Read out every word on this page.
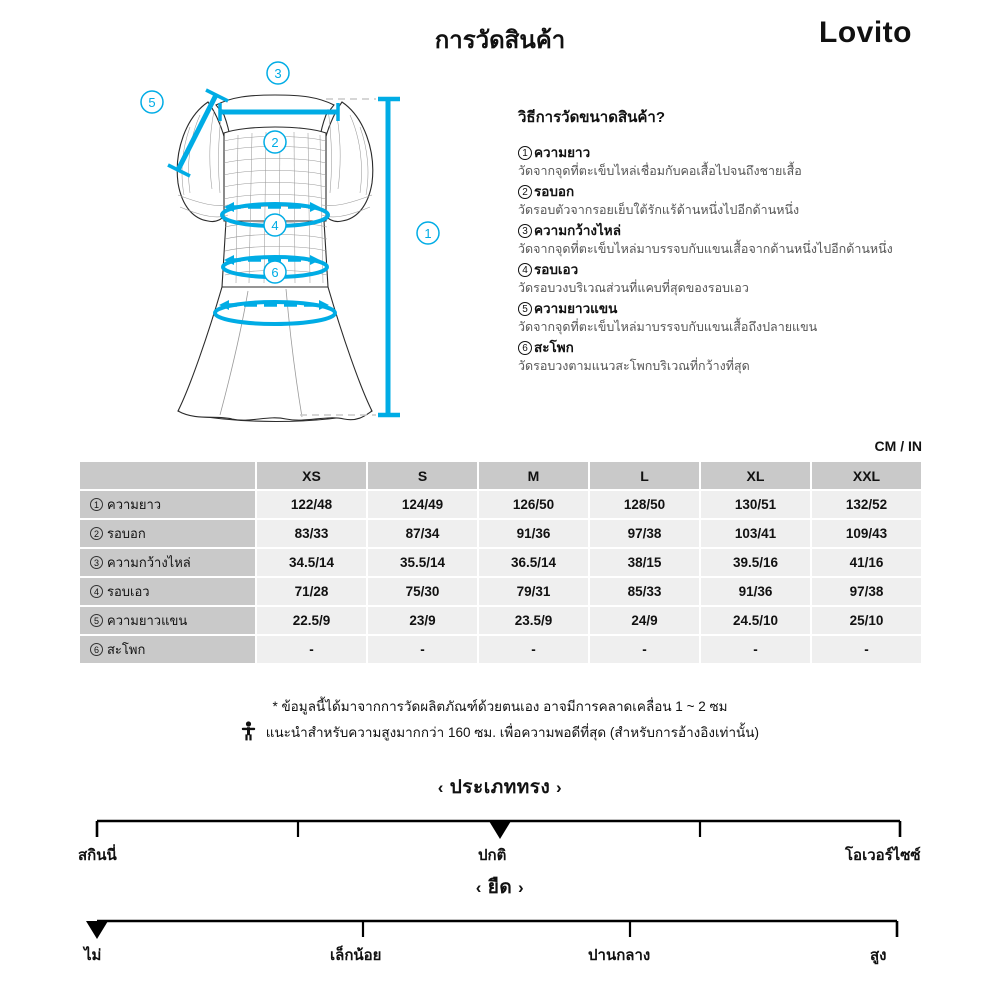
การวัดสินค้า	Lovito
3
5
2
4
6
1
วิธีการวัดขนาดสินค้า?
1 ความยาว
วัดจากจุดที่ตะเข็บไหล่เชื่อมกับคอเสื้อไปจนถึงชายเสื้อ
2 รอบอก
วัดรอบตัวจากรอยเย็บใต้รักแร้ด้านหนึ่งไปอีกด้านหนึ่ง
3 ความกว้างไหล่
วัดจากจุดที่ตะเข็บไหล่มาบรรจบกับแขนเสื้อจากด้านหนึ่งไปอีกด้านหนึ่ง
4 รอบเอว
วัดรอบวงบริเวณส่วนที่แคบที่สุดของรอบเอว
5 ความยาวแขน
วัดจากจุดที่ตะเข็บไหล่มาบรรจบกับแขนเสื้อถึงปลายแขน
6 สะโพก
วัดรอบวงตามแนวสะโพกบริเวณที่กว้างที่สุด
CM / IN
	XS	S	M	L	XL	XXL
1 ความยาว	122/48	124/49	126/50	128/50	130/51	132/52
2 รอบอก	83/33	87/34	91/36	97/38	103/41	109/43
3 ความกว้างไหล่	34.5/14	35.5/14	36.5/14	38/15	39.5/16	41/16
4 รอบเอว	71/28	75/30	79/31	85/33	91/36	97/38
5 ความยาวแขน	22.5/9	23/9	23.5/9	24/9	24.5/10	25/10
6 สะโพก	-	-	-	-	-	-
* ข้อมูลนี้ได้มาจากการวัดผลิตภัณฑ์ด้วยตนเอง อาจมีการคลาดเคลื่อน 1 ~ 2 ซม
แนะนำสำหรับความสูงมากกว่า 160 ซม. เพื่อความพอดีที่สุด (สำหรับการอ้างอิงเท่านั้น)
‹ ประเภททรง ›
สกินนี่	ปกติ	โอเวอร์ไซซ์
‹ ยืด ›
ไม่	เล็กน้อย	ปานกลาง	สูง
